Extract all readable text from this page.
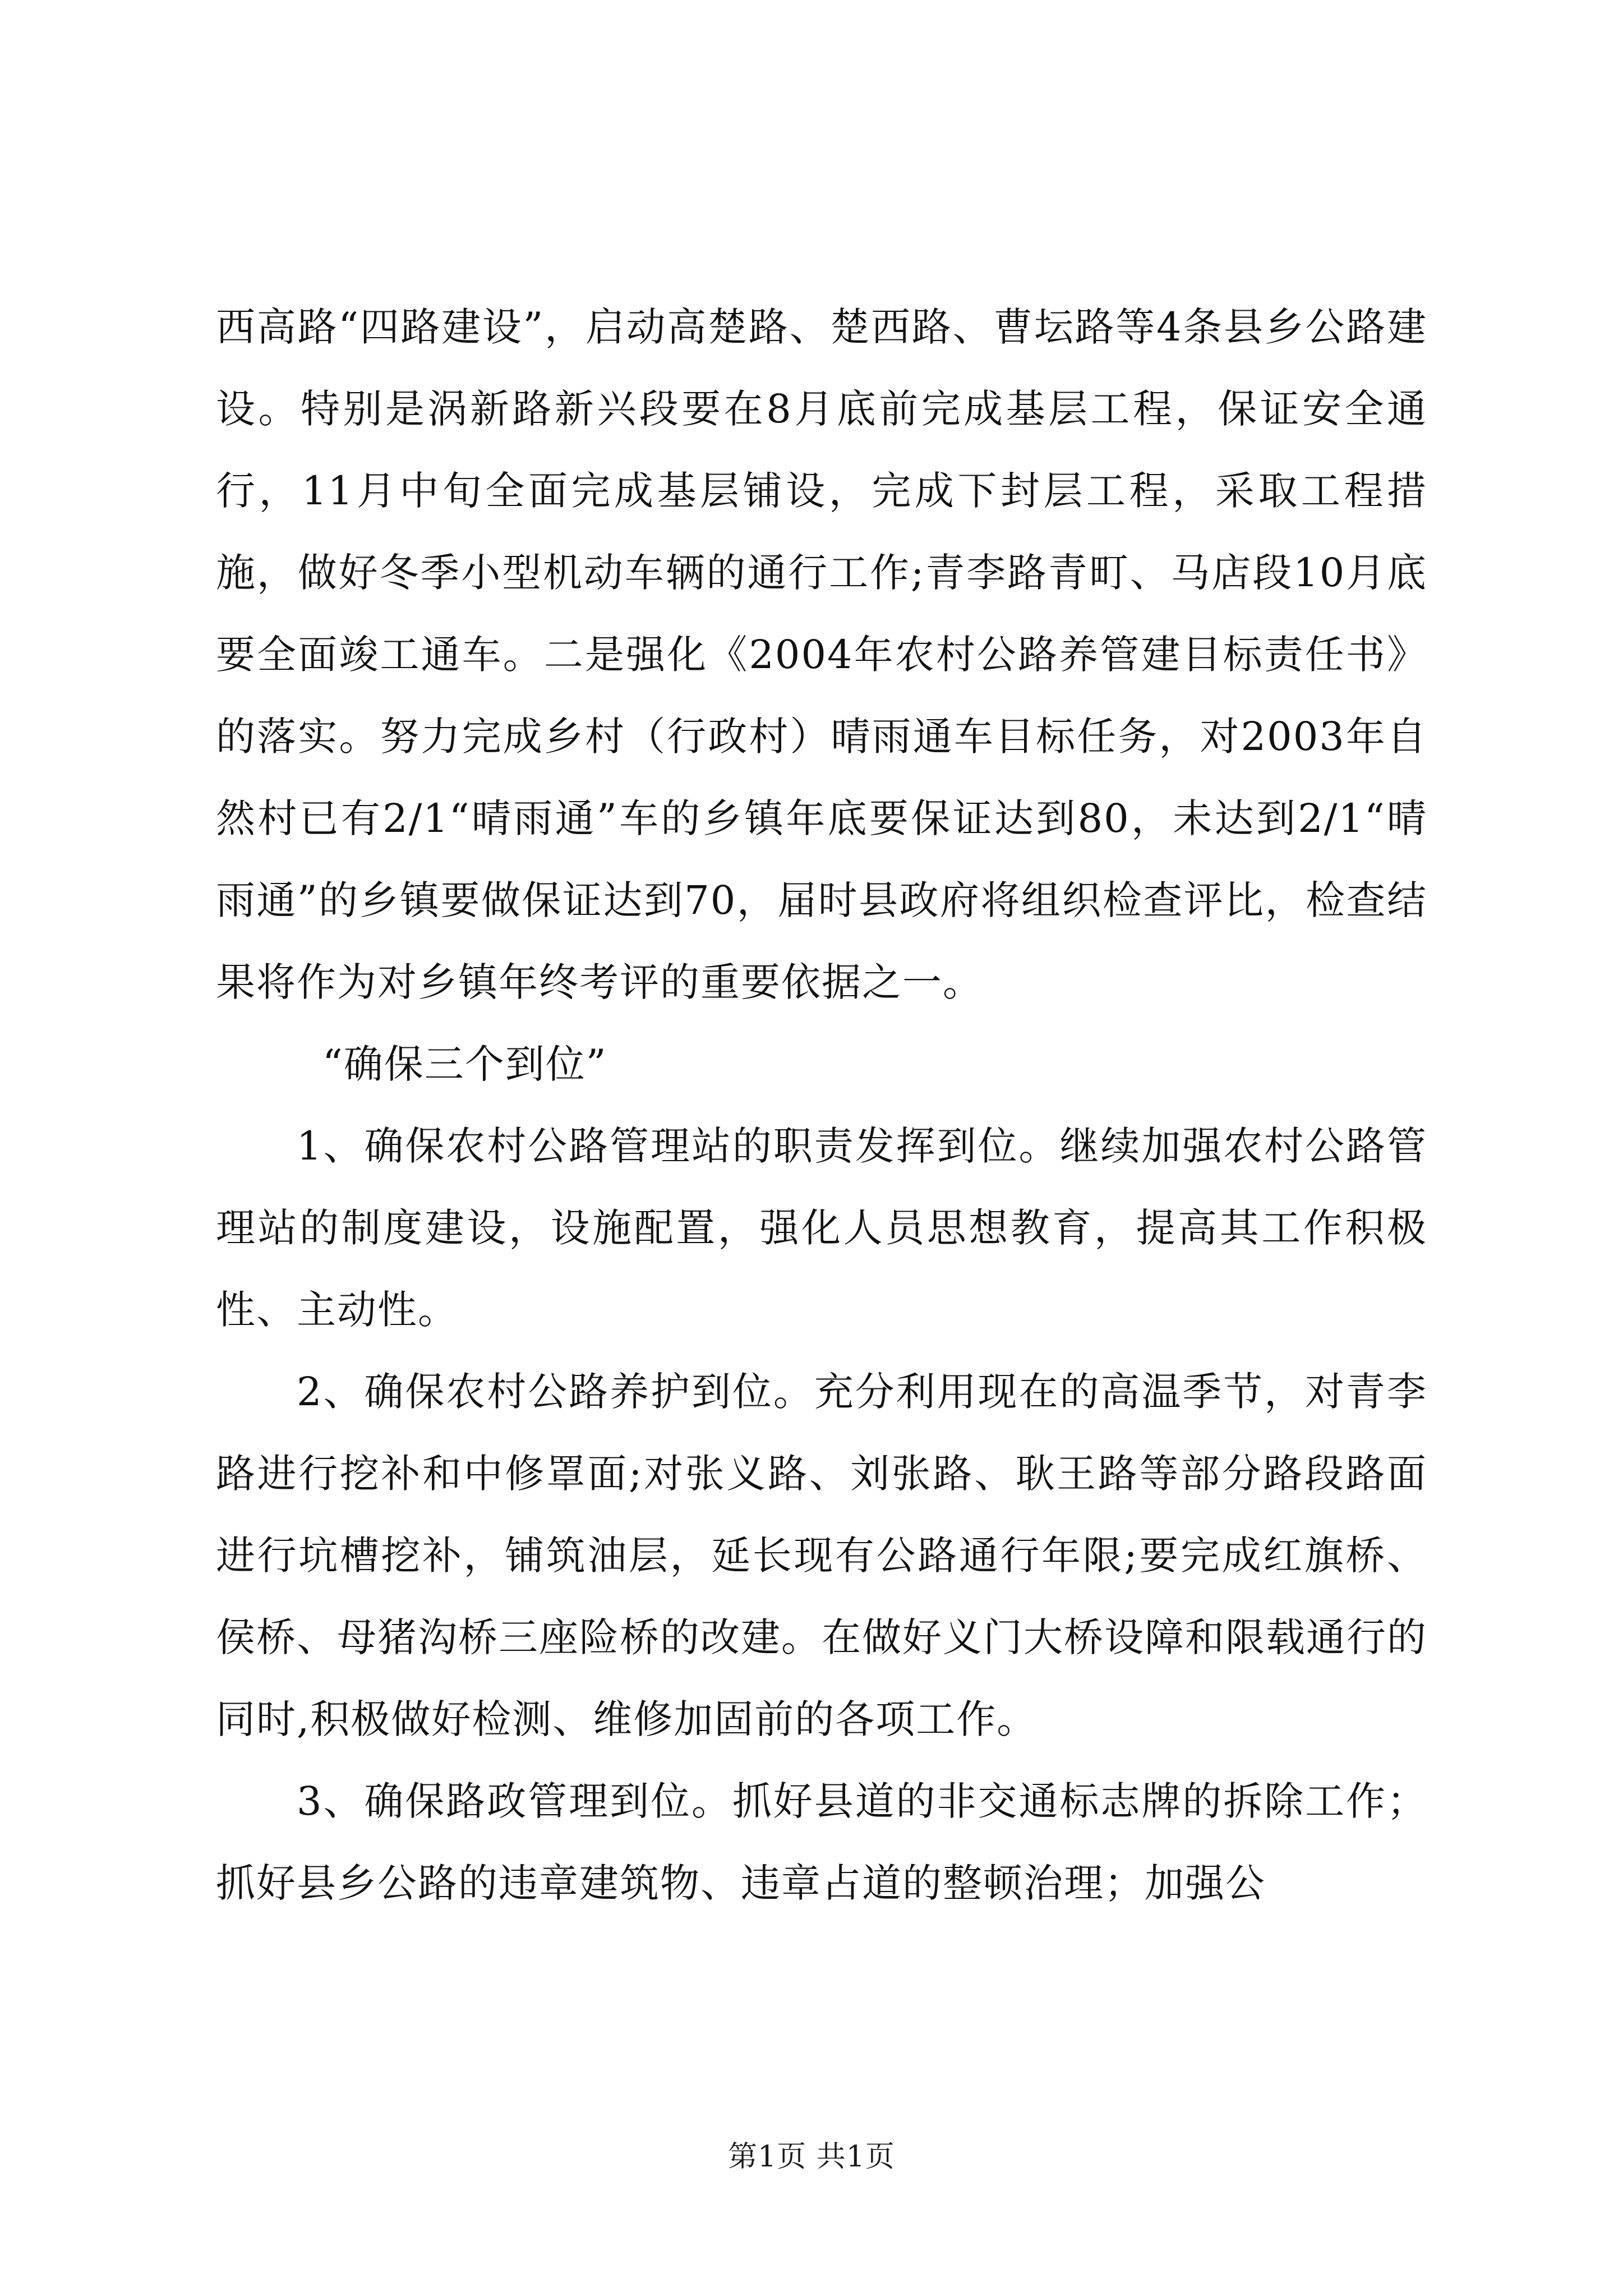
西高路“四路建设”，启动高楚路、楚西路、曹坛路等4条县乡公路建设。特别是涡新路新兴段要在8月底前完成基层工程，保证安全通行，11月中旬全面完成基层铺设，完成下封层工程，采取工程措施，做好冬季小型机动车辆的通行工作;青李路青町、马店段10月底要全面竣工通车。二是强化《2004年农村公路养管建目标责任书》的落实。努力完成乡村（行政村）晴雨通车目标任务，对2003年自然村已有2/1“晴雨通”车的乡镇年底要保证达到80，未达到2/1“晴雨通”的乡镇要做保证达到70，届时县政府将组织检查评比，检查结果将作为对乡镇年终考评的重要依据之一。

“确保三个到位”

1、确保农村公路管理站的职责发挥到位。继续加强农村公路管理站的制度建设，设施配置，强化人员思想教育，提高其工作积极性、主动性。

2、确保农村公路养护到位。充分利用现在的高温季节，对青李路进行挖补和中修罩面;对张义路、刘张路、耿王路等部分路段路面进行坑槽挖补，铺筑油层，延长现有公路通行年限;要完成红旗桥、侯桥、母猪沟桥三座险桥的改建。在做好义门大桥设障和限载通行的同时,积极做好检测、维修加固前的各项工作。

3、确保路政管理到位。抓好县道的非交通标志牌的拆除工作；抓好县乡公路的违章建筑物、违章占道的整顿治理；加强公

第1页 共1页
